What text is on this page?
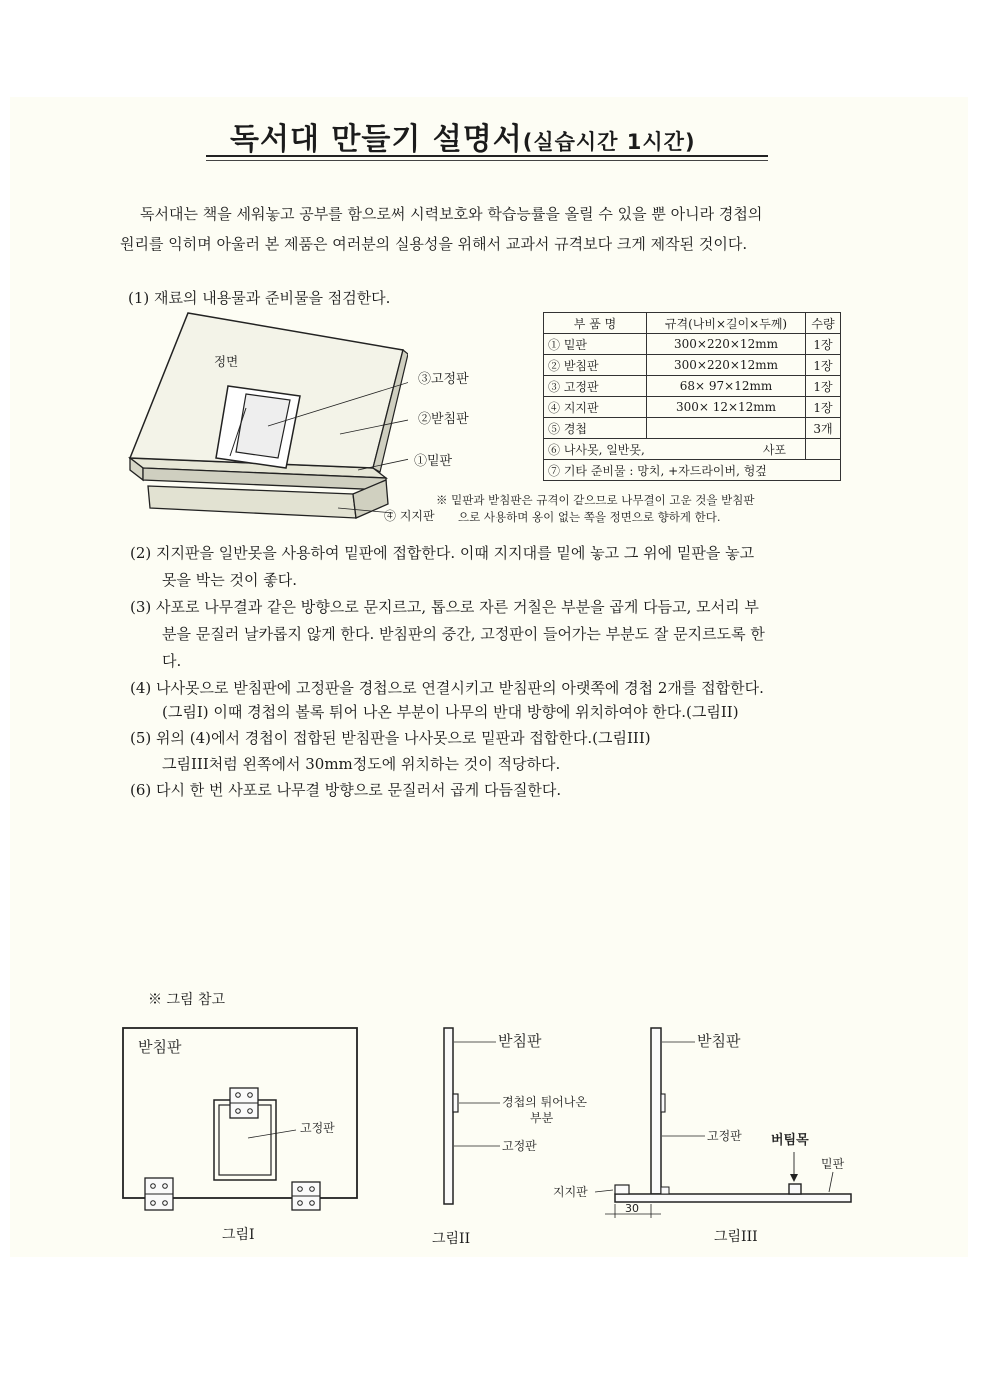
독서대 만들기 설명서(실습시간 1시간)
독서대는 책을 세워놓고 공부를 함으로써 시력보호와 학습능률을 올릴 수 있을 뿐 아니라 경첩의
원리를 익히며 아울러 본 제품은 여러분의 실용성을 위해서 교과서 규격보다 크게 제작된 것이다.
(1) 재료의 내용물과 준비물을 점검한다.
정면
③고정판
②받침판
①밑판
④ 지지판
부 품 명	규격(나비×길이×두께)	수량
① 밑판	300×220×12mm	1장
② 받침판	300×220×12mm	1장
③ 고정판	68× 97×12mm	1장
④ 지지판	300× 12×12mm	1장
⑤ 경첩		3개
⑥ 나사못, 일반못, 사포		
⑦ 기타 준비물 : 망치, +자드라이버, 헝겊		
※ 밑판과 받침판은 규격이 같으므로 나무결이 고운 것을 받침판
으로 사용하며 옹이 없는 쪽을 정면으로 향하게 한다.
(2) 지지판을 일반못을 사용하여 밑판에 접합한다. 이때 지지대를 밑에 놓고 그 위에 밑판을 놓고
못을 박는 것이 좋다.
(3) 사포로 나무결과 같은 방향으로 문지르고, 톱으로 자른 거칠은 부분을 곱게 다듬고, 모서리 부
분을 문질러 날카롭지 않게 한다. 받침판의 중간, 고정판이 들어가는 부분도 잘 문지르도록 한
다.
(4) 나사못으로 받침판에 고정판을 경첩으로 연결시키고 받침판의 아랫쪽에 경첩 2개를 접합한다.
(그림I) 이때 경첩의 볼록 튀어 나온 부분이 나무의 반대 방향에 위치하여야 한다.(그림II)
(5) 위의 (4)에서 경첩이 접합된 받침판을 나사못으로 밑판과 접합한다.(그림III)
그림III처럼 왼쪽에서 30mm정도에 위치하는 것이 적당하다.
(6) 다시 한 번 사포로 나무결 방향으로 문질러서 곱게 다듬질한다.
※ 그림 참고
받침판
고정판
그림I
받침판
경첩의 튀어나온
부분
고정판
그림II
받침판
고정판 버팀목
밑판
지지판
30
그림III
